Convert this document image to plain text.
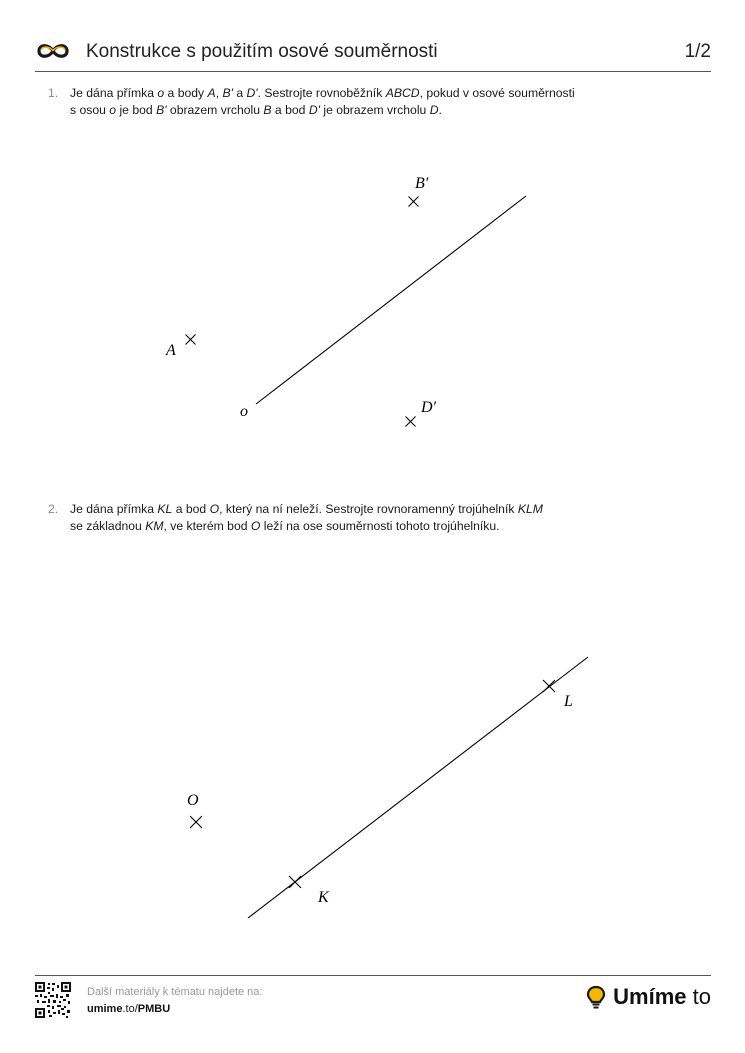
Konstrukce s použitím osové souměrnosti	1/2
1. Je dána přímka o a body A, B' a D'. Sestrojte rovnoběžník ABCD, pokud v osové souměrnosti
s osou o je bod B' obrazem vrcholu B a bod D' je obrazem vrcholu D.
2. Je dána přímka KL a bod O, který na ní neleží. Sestrojte rovnoramenný trojúhelník KLM
se základnou KM, ve kterém bod O leží na ose souměrnosti tohoto trojúhelníku.
B′
A
o	D′
L
O
K
Další materiály k tématu najdete na:
umime.to/PMBU	Umíme to
